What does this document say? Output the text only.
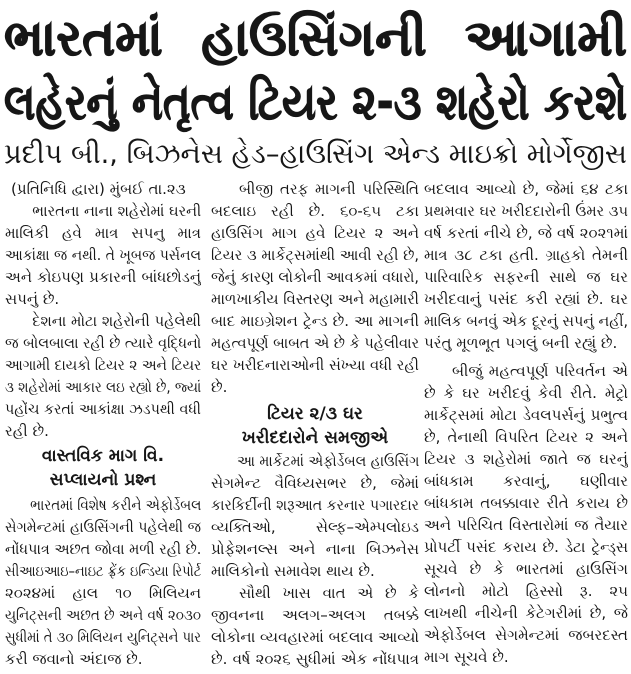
ભારતમાં હાઉસિંગની આગામી
લહેરનું નેતૃત્વ ટિયર ૨-૩ શહેરો કરશે
પ્રદીપ બી., બિઝનેસ હેડ–હાઉસિંગ એન્ડ માઇક્રો મોર્ગેજીસ
(પ્રતિનિધિ દ્વારા) મુંબઈ તા.૨૩
ભારતના નાના શહેરોમાં ઘરની
માલિકી હવે માત્ર સપનુ માત્ર
આકાંક્ષા જ નથી. તે ખૂબજ પર્સનલ
અને કોઇપણ પ્રકારની બાંધછોડનું
સપનું છે.
દેશના મોટા શહેરોની પહેલેથી
જ બોલબાલા રહી છે ત્યારે વૃદ્ધિનો
આગામી દાયકો ટિયર ૨ અને ટિયર
૩ શહેરોમાં આકાર લઇ રહ્યો છે, જ્યાં
પહોંચ કરતાં આકાંક્ષા ઝડપથી વધી
રહી છે.
વાસ્તવિક માગ વિ.
સપ્લાયનો પ્રશ્ન
ભારતમાં વિશેષ કરીને એફોર્ડેબલ
સેગમેન્ટમાં હાઉસિંગની પહેલેથી જ
નોંધપાત્ર અછત જોવા મળી રહી છે.
સીઆઇઆઇ–નાઇટ ફ્રેંક ઇન્ડિયા રિપોર્ટ
૨૦૨૪માં હાલ ૧૦ મિલિયન
યુનિટ્સની અછત છે અને વર્ષ ૨૦૩૦
સુધીમાં તે ૩૦ મિલિયન યુનિટ્સને પાર
કરી જવાનો અંદાજ છે.
બીજી તરફ માગની પરિસ્થિતિ
બદલાઇ રહી છે. ૬૦-૬૫ ટકા
હાઉસિંગ માગ હવે ટિયર ૨ અને
ટિયર ૩ માર્કેટ્સમાંથી આવી રહી છે,
જેનું કારણ લોકોની આવકમાં વધારો,
માળખાકીય વિસ્તરણ અને મહામારી
બાદ માઇગ્રેશન ટ્રેન્ડ છે. આ માગની
મહત્વપૂર્ણ બાબત એ છે કે પહેલીવાર
ઘર ખરીદનારાઓની સંખ્યા વધી રહી
છે.
ટિયર ૨/૩ ઘર
ખરીદદારોને સમજીએ
આ માર્કેટમાં એફોર્ડેબલ હાઉસિંગ
સેગમેન્ટ વૈવિધ્યસભર છે, જેમાં
કારકિર્દીની શરૂઆત કરનાર પગારદાર
વ્યક્તિઓ, સેલ્ફ–એમ્પલોઇડ
પ્રોફેશનલ્સ અને નાના બિઝનેસ
માલિકોનો સમાવેશ થાય છે.
સૌથી ખાસ વાત એ છે કે
જીવનના અલગ–અલગ તબક્કે
લોકોના વ્યવહારમાં બદલાવ આવ્યો
છે. વર્ષ ૨૦૨૬ સુધીમાં એક નોંધપાત્ર
બદલાવ આવ્યો છે, જેમાં ૬૪ ટકા
પ્રથમવાર ઘર ખરીદદારોની ઉંમર ૩૫
વર્ષ કરતાં નીચે છે, જે વર્ષ ૨૦૨૧માં
માત્ર ૩૮ ટકા હતી. ગ્રાહકો તેમની
પારિવારિક સફરની સાથે જ ઘર
ખરીદવાનું પસંદ કરી રહ્યાં છે. ઘર
માલિક બનવું એક દૂરનું સપનું નહીં,
પરંતુ મૂળભૂત પગલું બની રહ્યું છે.
બીજું મહત્વપૂર્ણ પરિવર્તન એ
છે કે ઘર ખરીદવું કેવી રીતે. મેટ્રો
માર્કેટ્સમાં મોટા ડેવલપર્સનું પ્રભુત્વ
છે, તેનાથી વિપરિત ટિયર ૨ અને
ટિયર ૩ શહેરોમાં જાતે જ ઘરનું
બાંધકામ કરવાનું, ઘણીવાર
બાંધકામ તબક્કાવાર રીતે કરાય છે
અને પરિચિત વિસ્તારોમાં જ તૈયાર
પ્રોપર્ટી પસંદ કરાય છે. ડેટા ટ્રેન્ડ્સ
સૂચવે છે કે ભારતમાં હાઉસિંગ
લોનનો મોટો હિસ્સો રૂ. ૨૫
લાખથી નીચેની કેટેગરીમાં છે, જે
એફોર્ડેબલ સેગમેન્ટમાં જબરદસ્ત
માગ સૂચવે છે.
